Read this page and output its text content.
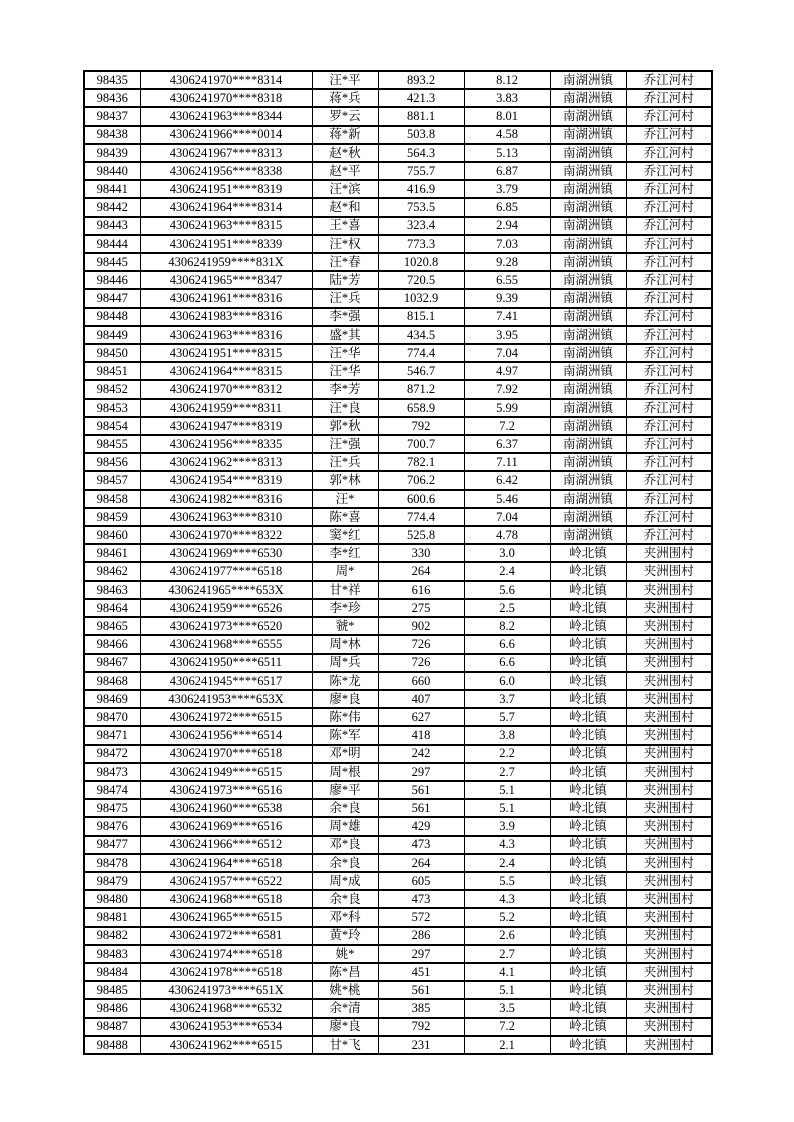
98435	4306241970****8314	汪*平	893.2	8.12	南湖洲镇	乔江河村
98436	4306241970****8318	蒋*兵	421.3	3.83	南湖洲镇	乔江河村
98437	4306241963****8344	罗*云	881.1	8.01	南湖洲镇	乔江河村
98438	4306241966****0014	蒋*新	503.8	4.58	南湖洲镇	乔江河村
98439	4306241967****8313	赵*秋	564.3	5.13	南湖洲镇	乔江河村
98440	4306241956****8338	赵*平	755.7	6.87	南湖洲镇	乔江河村
98441	4306241951****8319	汪*滨	416.9	3.79	南湖洲镇	乔江河村
98442	4306241964****8314	赵*和	753.5	6.85	南湖洲镇	乔江河村
98443	4306241963****8315	王*喜	323.4	2.94	南湖洲镇	乔江河村
98444	4306241951****8339	汪*权	773.3	7.03	南湖洲镇	乔江河村
98445	4306241959****831X	汪*春	1020.8	9.28	南湖洲镇	乔江河村
98446	4306241965****8347	陆*芳	720.5	6.55	南湖洲镇	乔江河村
98447	4306241961****8316	汪*兵	1032.9	9.39	南湖洲镇	乔江河村
98448	4306241983****8316	李*强	815.1	7.41	南湖洲镇	乔江河村
98449	4306241963****8316	盛*其	434.5	3.95	南湖洲镇	乔江河村
98450	4306241951****8315	汪*华	774.4	7.04	南湖洲镇	乔江河村
98451	4306241964****8315	汪*华	546.7	4.97	南湖洲镇	乔江河村
98452	4306241970****8312	李*芳	871.2	7.92	南湖洲镇	乔江河村
98453	4306241959****8311	汪*良	658.9	5.99	南湖洲镇	乔江河村
98454	4306241947****8319	郭*秋	792	7.2	南湖洲镇	乔江河村
98455	4306241956****8335	汪*强	700.7	6.37	南湖洲镇	乔江河村
98456	4306241962****8313	汪*兵	782.1	7.11	南湖洲镇	乔江河村
98457	4306241954****8319	郭*林	706.2	6.42	南湖洲镇	乔江河村
98458	4306241982****8316	汪*	600.6	5.46	南湖洲镇	乔江河村
98459	4306241963****8310	陈*喜	774.4	7.04	南湖洲镇	乔江河村
98460	4306241970****8322	窦*红	525.8	4.78	南湖洲镇	乔江河村
98461	4306241969****6530	李*红	330	3.0	岭北镇	夹洲围村
98462	4306241977****6518	周*	264	2.4	岭北镇	夹洲围村
98463	4306241965****653X	甘*祥	616	5.6	岭北镇	夹洲围村
98464	4306241959****6526	李*珍	275	2.5	岭北镇	夹洲围村
98465	4306241973****6520	虢*	902	8.2	岭北镇	夹洲围村
98466	4306241968****6555	周*林	726	6.6	岭北镇	夹洲围村
98467	4306241950****6511	周*兵	726	6.6	岭北镇	夹洲围村
98468	4306241945****6517	陈*龙	660	6.0	岭北镇	夹洲围村
98469	4306241953****653X	廖*良	407	3.7	岭北镇	夹洲围村
98470	4306241972****6515	陈*伟	627	5.7	岭北镇	夹洲围村
98471	4306241956****6514	陈*军	418	3.8	岭北镇	夹洲围村
98472	4306241970****6518	邓*明	242	2.2	岭北镇	夹洲围村
98473	4306241949****6515	周*根	297	2.7	岭北镇	夹洲围村
98474	4306241973****6516	廖*平	561	5.1	岭北镇	夹洲围村
98475	4306241960****6538	余*良	561	5.1	岭北镇	夹洲围村
98476	4306241969****6516	周*雄	429	3.9	岭北镇	夹洲围村
98477	4306241966****6512	邓*良	473	4.3	岭北镇	夹洲围村
98478	4306241964****6518	余*良	264	2.4	岭北镇	夹洲围村
98479	4306241957****6522	周*成	605	5.5	岭北镇	夹洲围村
98480	4306241968****6518	余*良	473	4.3	岭北镇	夹洲围村
98481	4306241965****6515	邓*科	572	5.2	岭北镇	夹洲围村
98482	4306241972****6581	黄*玲	286	2.6	岭北镇	夹洲围村
98483	4306241974****6518	姚*	297	2.7	岭北镇	夹洲围村
98484	4306241978****6518	陈*昌	451	4.1	岭北镇	夹洲围村
98485	4306241973****651X	姚*桃	561	5.1	岭北镇	夹洲围村
98486	4306241968****6532	余*清	385	3.5	岭北镇	夹洲围村
98487	4306241953****6534	廖*良	792	7.2	岭北镇	夹洲围村
98488	4306241962****6515	甘*飞	231	2.1	岭北镇	夹洲围村
